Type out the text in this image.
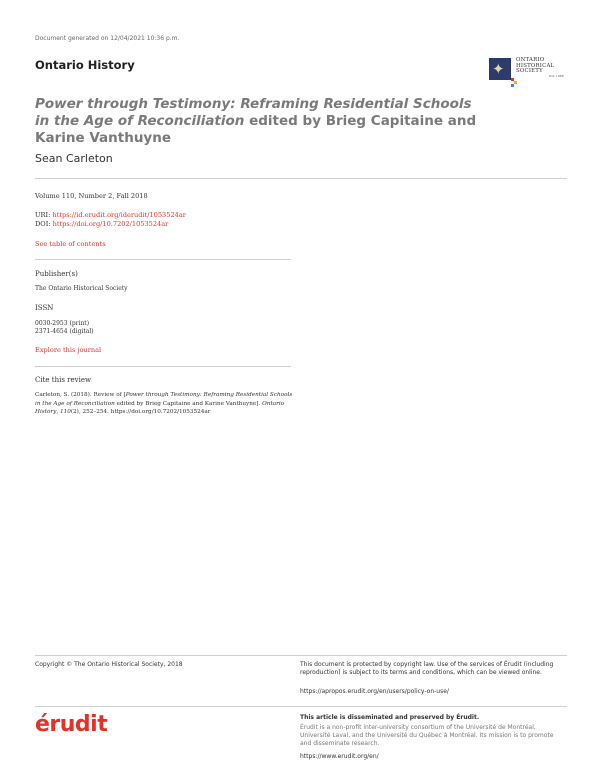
Document generated on 12/04/2021 10:36 p.m.
Ontario History	✦ ONTARIO
HISTORICAL
SOCIETY
Est. 1888
Power through Testimony: Reframing Residential Schools in the Age of Reconciliation edited by Brieg Capitaine and Karine Vanthuyne
Sean Carleton
Volume 110, Number 2, Fall 2018
URI: https://id.erudit.org/iderudit/1053524ar
DOI: https://doi.org/10.7202/1053524ar
See table of contents
Publisher(s)
The Ontario Historical Society
ISSN
0030-2953 (print)
2371-4654 (digital)
Explore this journal
Cite this review
Carleton, S. (2018). Review of [Power through Testimony: Reframing Residential Schools in the Age of Reconciliation edited by Brieg Capitaine and Karine Vanthuyne]. Ontario History, 110(2), 252–254. https://doi.org/10.7202/1053524ar
Copyright © The Ontario Historical Society, 2018	This document is protected by copyright law. Use of the services of Érudit (including reproduction) is subject to its terms and conditions, which can be viewed online.
https://apropos.erudit.org/en/users/policy-on-use/
érudit	This article is disseminated and preserved by Érudit.
Érudit is a non-profit inter-university consortium of the Université de Montréal, Université Laval, and the Université du Québec à Montréal. Its mission is to promote and disseminate research.
https://www.erudit.org/en/
